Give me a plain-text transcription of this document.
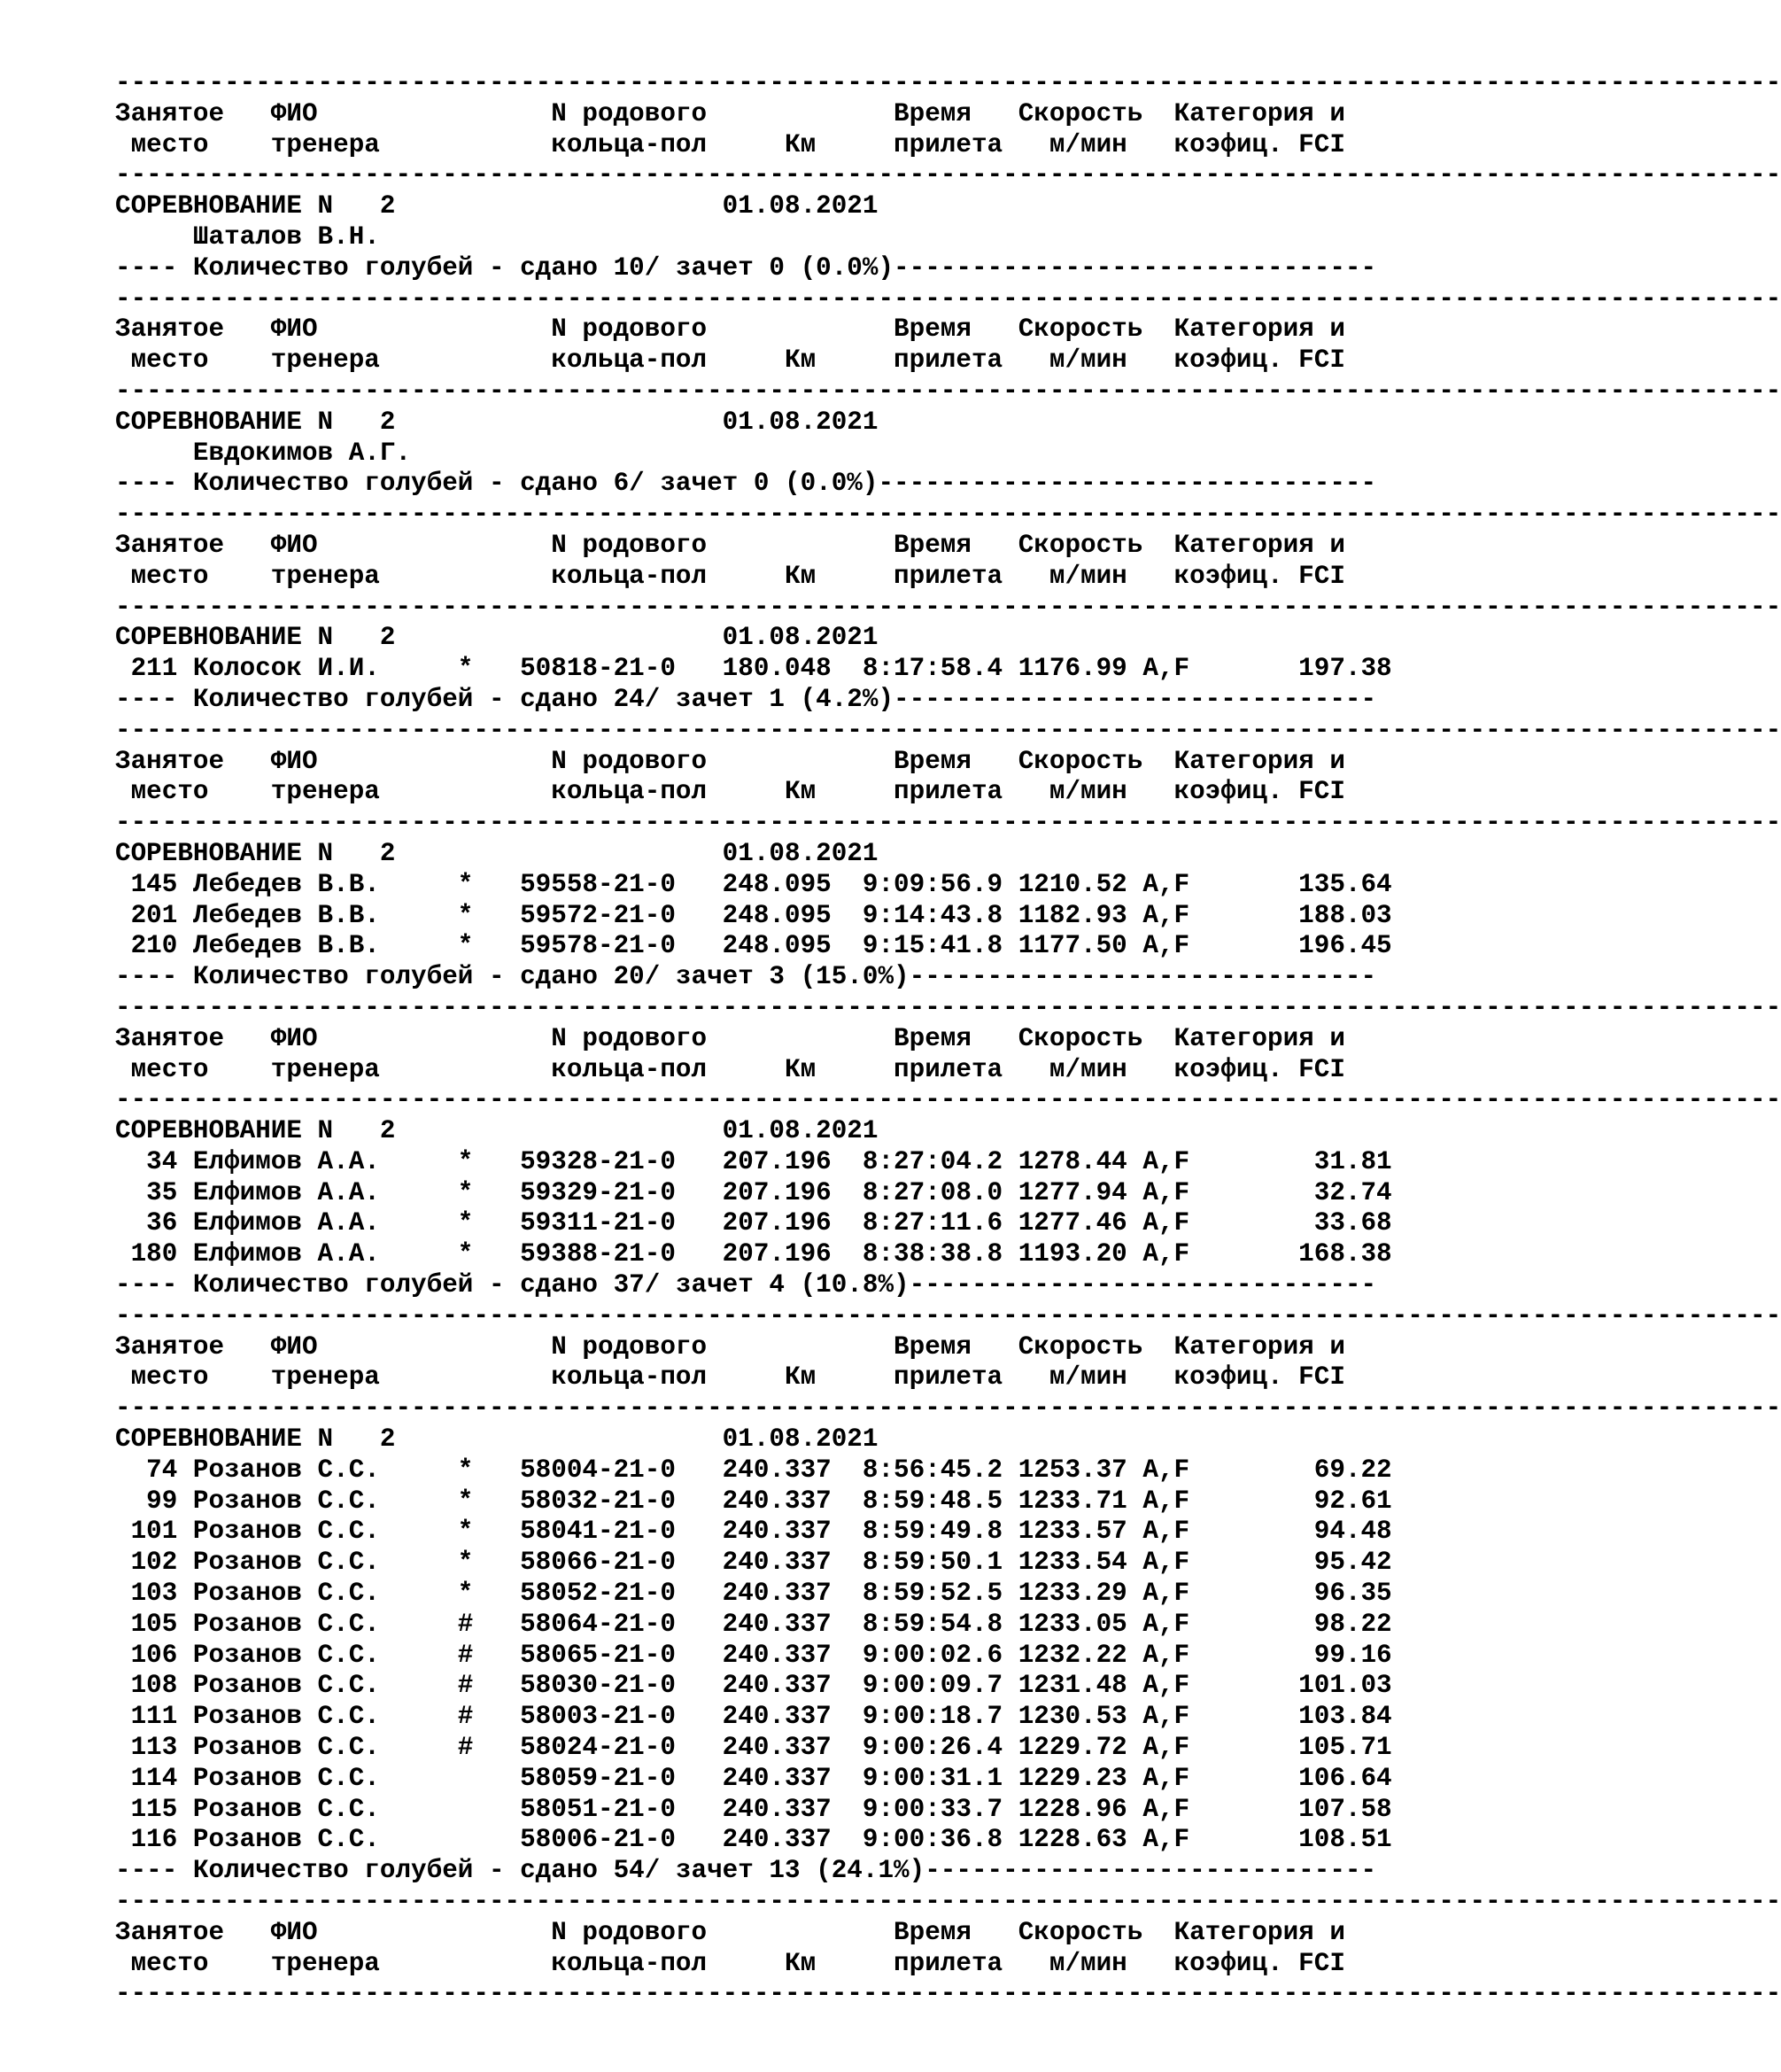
-----------------------------------------------------------------------------------------------------------
Занятое   ФИО               N родового            Время   Скорость  Категория и
место    тренера           кольца-пол     Км     прилета   м/мин   коэфиц. FCI
-----------------------------------------------------------------------------------------------------------
СОРЕВНОВАНИЕ N   2                     01.08.2021
Шаталов В.Н.
---- Количество голубей - сдано 10/ зачет 0 (0.0%)-------------------------------
-----------------------------------------------------------------------------------------------------------
Занятое   ФИО               N родового            Время   Скорость  Категория и
место    тренера           кольца-пол     Км     прилета   м/мин   коэфиц. FCI
-----------------------------------------------------------------------------------------------------------
СОРЕВНОВАНИЕ N   2                     01.08.2021
Евдокимов А.Г.
---- Количество голубей - сдано 6/ зачет 0 (0.0%)--------------------------------
-----------------------------------------------------------------------------------------------------------
Занятое   ФИО               N родового            Время   Скорость  Категория и
место    тренера           кольца-пол     Км     прилета   м/мин   коэфиц. FCI
-----------------------------------------------------------------------------------------------------------
СОРЕВНОВАНИЕ N   2                     01.08.2021
211 Колосок И.И.     *   50818-21-0   180.048  8:17:58.4 1176.99 A,F       197.38
---- Количество голубей - сдано 24/ зачет 1 (4.2%)-------------------------------
-----------------------------------------------------------------------------------------------------------
Занятое   ФИО               N родового            Время   Скорость  Категория и
место    тренера           кольца-пол     Км     прилета   м/мин   коэфиц. FCI
-----------------------------------------------------------------------------------------------------------
СОРЕВНОВАНИЕ N   2                     01.08.2021
145 Лебедев В.В.     *   59558-21-0   248.095  9:09:56.9 1210.52 A,F       135.64
201 Лебедев В.В.     *   59572-21-0   248.095  9:14:43.8 1182.93 A,F       188.03
210 Лебедев В.В.     *   59578-21-0   248.095  9:15:41.8 1177.50 A,F       196.45
---- Количество голубей - сдано 20/ зачет 3 (15.0%)------------------------------
-----------------------------------------------------------------------------------------------------------
Занятое   ФИО               N родового            Время   Скорость  Категория и
место    тренера           кольца-пол     Км     прилета   м/мин   коэфиц. FCI
-----------------------------------------------------------------------------------------------------------
СОРЕВНОВАНИЕ N   2                     01.08.2021
34 Елфимов А.А.     *   59328-21-0   207.196  8:27:04.2 1278.44 A,F        31.81
35 Елфимов А.А.     *   59329-21-0   207.196  8:27:08.0 1277.94 A,F        32.74
36 Елфимов А.А.     *   59311-21-0   207.196  8:27:11.6 1277.46 A,F        33.68
180 Елфимов А.А.     *   59388-21-0   207.196  8:38:38.8 1193.20 A,F       168.38
---- Количество голубей - сдано 37/ зачет 4 (10.8%)------------------------------
-----------------------------------------------------------------------------------------------------------
Занятое   ФИО               N родового            Время   Скорость  Категория и
место    тренера           кольца-пол     Км     прилета   м/мин   коэфиц. FCI
-----------------------------------------------------------------------------------------------------------
СОРЕВНОВАНИЕ N   2                     01.08.2021
74 Розанов С.С.     *   58004-21-0   240.337  8:56:45.2 1253.37 A,F        69.22
99 Розанов С.С.     *   58032-21-0   240.337  8:59:48.5 1233.71 A,F        92.61
101 Розанов С.С.     *   58041-21-0   240.337  8:59:49.8 1233.57 A,F        94.48
102 Розанов С.С.     *   58066-21-0   240.337  8:59:50.1 1233.54 A,F        95.42
103 Розанов С.С.     *   58052-21-0   240.337  8:59:52.5 1233.29 A,F        96.35
105 Розанов С.С.     #   58064-21-0   240.337  8:59:54.8 1233.05 A,F        98.22
106 Розанов С.С.     #   58065-21-0   240.337  9:00:02.6 1232.22 A,F        99.16
108 Розанов С.С.     #   58030-21-0   240.337  9:00:09.7 1231.48 A,F       101.03
111 Розанов С.С.     #   58003-21-0   240.337  9:00:18.7 1230.53 A,F       103.84
113 Розанов С.С.     #   58024-21-0   240.337  9:00:26.4 1229.72 A,F       105.71
114 Розанов С.С.         58059-21-0   240.337  9:00:31.1 1229.23 A,F       106.64
115 Розанов С.С.         58051-21-0   240.337  9:00:33.7 1228.96 A,F       107.58
116 Розанов С.С.         58006-21-0   240.337  9:00:36.8 1228.63 A,F       108.51
---- Количество голубей - сдано 54/ зачет 13 (24.1%)-----------------------------
-----------------------------------------------------------------------------------------------------------
Занятое   ФИО               N родового            Время   Скорость  Категория и
место    тренера           кольца-пол     Км     прилета   м/мин   коэфиц. FCI
-----------------------------------------------------------------------------------------------------------
